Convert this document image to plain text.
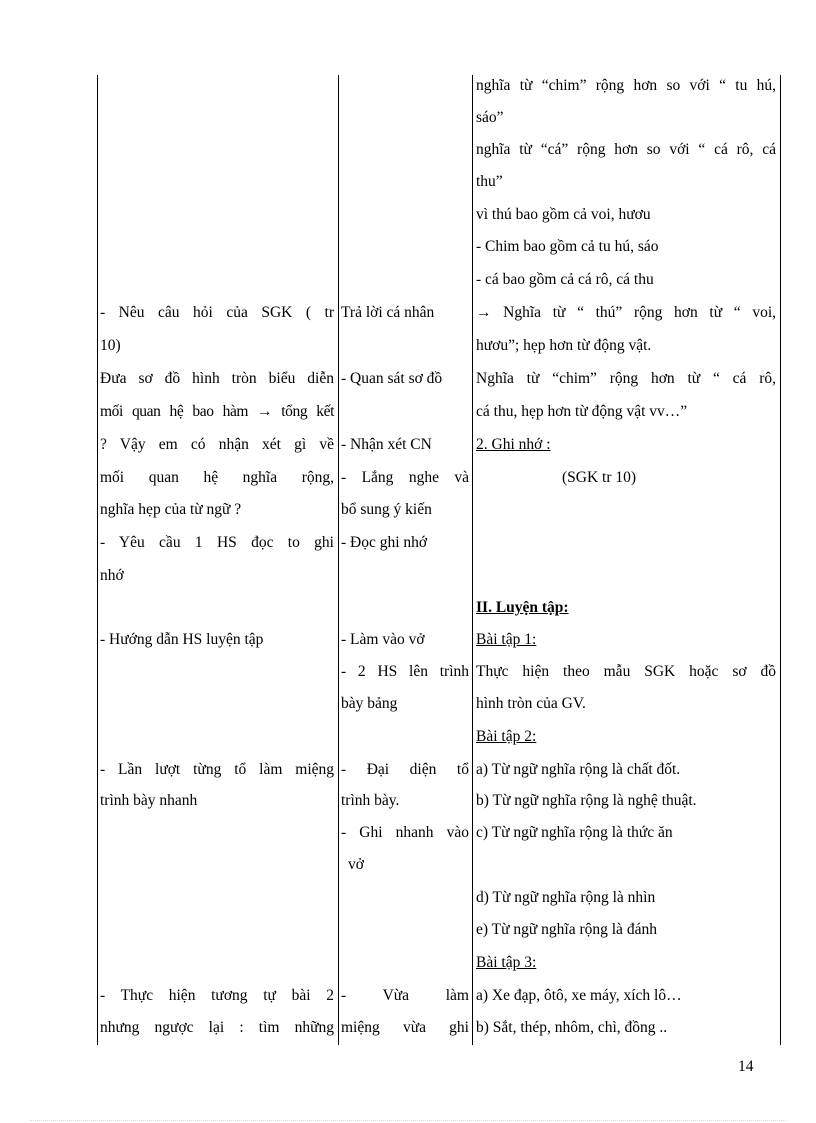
nghĩa từ “chim” rộng hơn so với “ tu hú,
sáo”
nghĩa từ “cá” rộng hơn so với “ cá rô, cá
thu”
vì thú bao gồm cả voi, hươu
- Chim bao gồm cả tu hú, sáo
- cá bao gồm cả cá rô, cá thu
→ Nghĩa từ “ thú” rộng hơn từ “ voi,
hươu”; hẹp hơn từ động vật.
Nghĩa từ “chim” rộng hơn từ “ cá rô,
cá thu, hẹp hơn từ động vật vv…”
2. Ghi nhớ :
(SGK tr 10)
- Nêu câu hỏi của SGK ( tr
10)
Đưa sơ đồ hình tròn biểu diễn
mối quan hệ bao hàm → tổng kết
? Vậy em có nhận xét gì về
mối quan hệ nghĩa rộng,
nghĩa hẹp của từ ngữ ?
- Yêu cầu 1 HS đọc to ghi
nhớ
- Hướng dẫn HS luyện tập
- Lần lượt từng tổ làm miệng
trình bày nhanh
- Thực hiện tương tự bài 2
nhưng ngược lại : tìm những
Trả lời cá nhân
- Quan sát sơ đồ
- Nhận xét CN
- Lắng nghe và
bổ sung ý kiến
- Đọc ghi nhớ
- Làm vào vở
- 2 HS lên trình
bày bảng
- Đại diện tổ
trình bày.
- Ghi nhanh vào
vở
- Vừa làm
miệng vừa ghi
II. Luyện tập:
Bài tập 1:
Thực hiện theo mẫu SGK hoặc sơ đồ
hình tròn của GV.
Bài tập 2:
a) Từ ngữ nghĩa rộng là chất đốt.
b) Từ ngữ nghĩa rộng là nghệ thuật.
c) Từ ngữ nghĩa rộng là thức ăn
d) Từ ngữ nghĩa rộng là nhìn
e) Từ ngữ nghĩa rộng là đánh
Bài tập 3:
a) Xe đạp, ôtô, xe máy, xích lô…
b) Sắt, thép, nhôm, chì, đồng ..
14
